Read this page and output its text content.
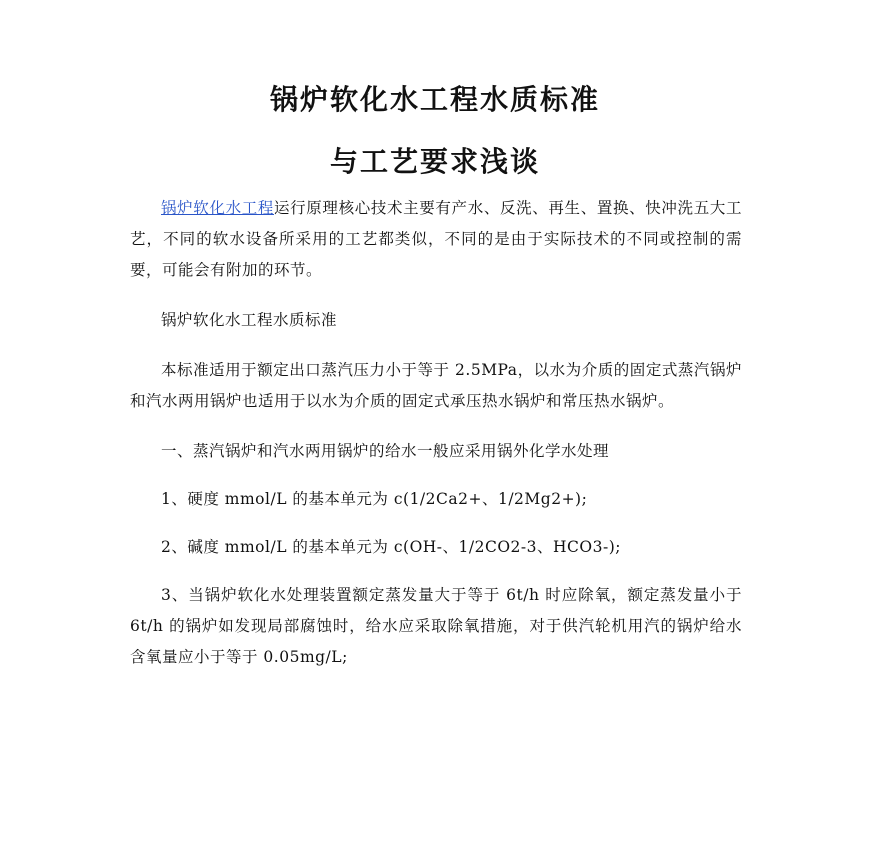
锅炉软化水工程水质标准
与工艺要求浅谈

锅炉软化水工程运行原理核心技术主要有产水、反洗、再生、置换、快冲洗五大工艺，不同的软水设备所采用的工艺都类似，不同的是由于实际技术的不同或控制的需要，可能会有附加的环节。

锅炉软化水工程水质标准

本标准适用于额定出口蒸汽压力小于等于 2.5MPa，以水为介质的固定式蒸汽锅炉和汽水两用锅炉也适用于以水为介质的固定式承压热水锅炉和常压热水锅炉。

一、蒸汽锅炉和汽水两用锅炉的给水一般应采用锅外化学水处理

1、硬度 mmol/L 的基本单元为 c(1/2Ca2+、1/2Mg2+);

2、碱度 mmol/L 的基本单元为 c(OH-、1/2CO2-3、HCO3-);

3、当锅炉软化水处理装置额定蒸发量大于等于 6t/h 时应除氧，额定蒸发量小于 6t/h 的锅炉如发现局部腐蚀时，给水应采取除氧措施，对于供汽轮机用汽的锅炉给水含氧量应小于等于 0.05mg/L;
